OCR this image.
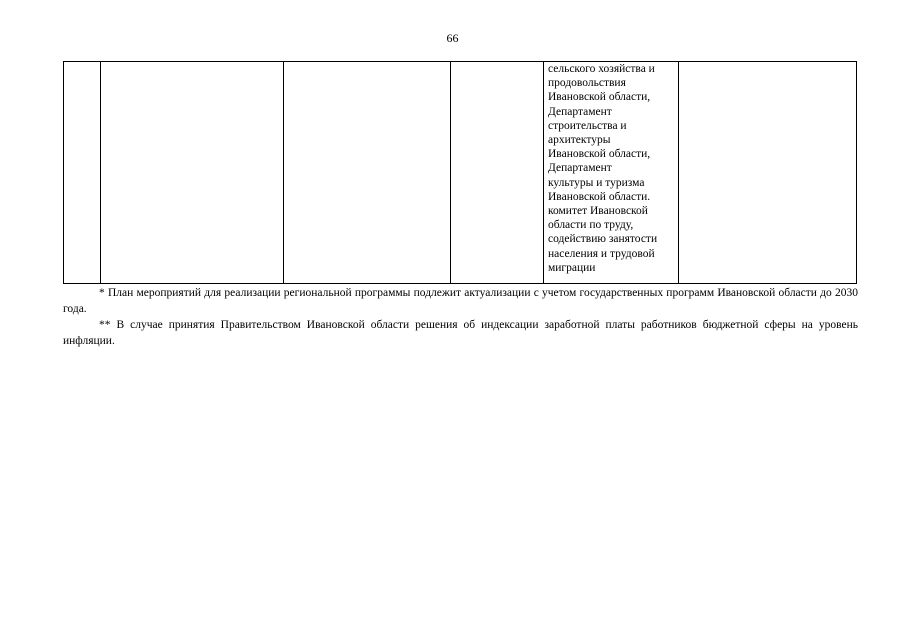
66

сельского хозяйства и
продовольствия
Ивановской области,
Департамент
строительства и
архитектуры
Ивановской области,
Департамент
культуры и туризма
Ивановской области.
комитет Ивановской
области по труду,
содействию занятости
населения и трудовой
миграции

* План мероприятий для реализации региональной программы подлежит актуализации с учетом государственных программ Ивановской области до 2030 года.

** В случае принятия Правительством Ивановской области решения об индексации заработной платы работников бюджетной сферы на уровень инфляции.
